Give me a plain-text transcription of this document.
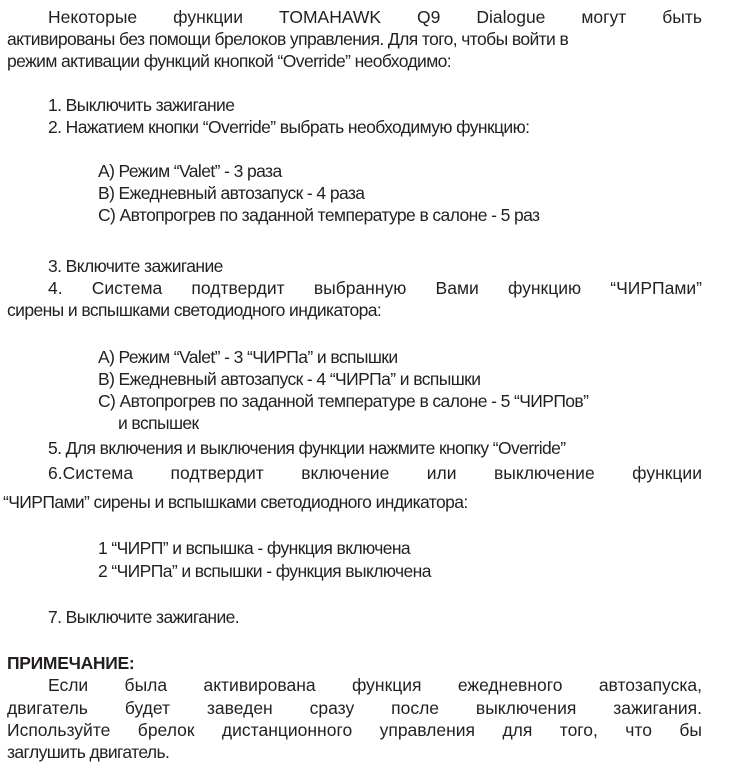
Некоторые функции TOMAHAWK Q9 Dialogue могут быть
активированы без помощи брелоков управления. Для того, чтобы войти в
режим активации функций кнопкой “Override” необходимо:
1. Выключить зажигание
2. Нажатием кнопки “Override” выбрать необходимую функцию:
A) Режим “Valet” - 3 раза
B) Ежедневный автозапуск - 4 раза
C) Автопрогрев по заданной температуре в салоне - 5 раз
3. Включите зажигание
4. Система подтвердит выбранную Вами функцию “ЧИРПами”
сирены и вспышками светодиодного индикатора:
A) Режим “Valet” - 3 “ЧИРПа” и вспышки
B) Ежедневный автозапуск - 4 “ЧИРПа” и вспышки
C) Автопрогрев по заданной температуре в салоне - 5 “ЧИРПов”
и вспышек
5. Для включения и выключения функции нажмите кнопку “Override”
6.Система подтвердит включение или выключение функции
“ЧИРПами” сирены и вспышками светодиодного индикатора:
1 “ЧИРП” и вспышка - функция включена
2 “ЧИРПа” и вспышки - функция выключена
7. Выключите зажигание.
ПРИМЕЧАНИЕ:
Если была активирована функция ежедневного автозапуска,
двигатель будет заведен сразу после выключения зажигания.
Используйте брелок дистанционного управления для того, что бы
заглушить двигатель.
